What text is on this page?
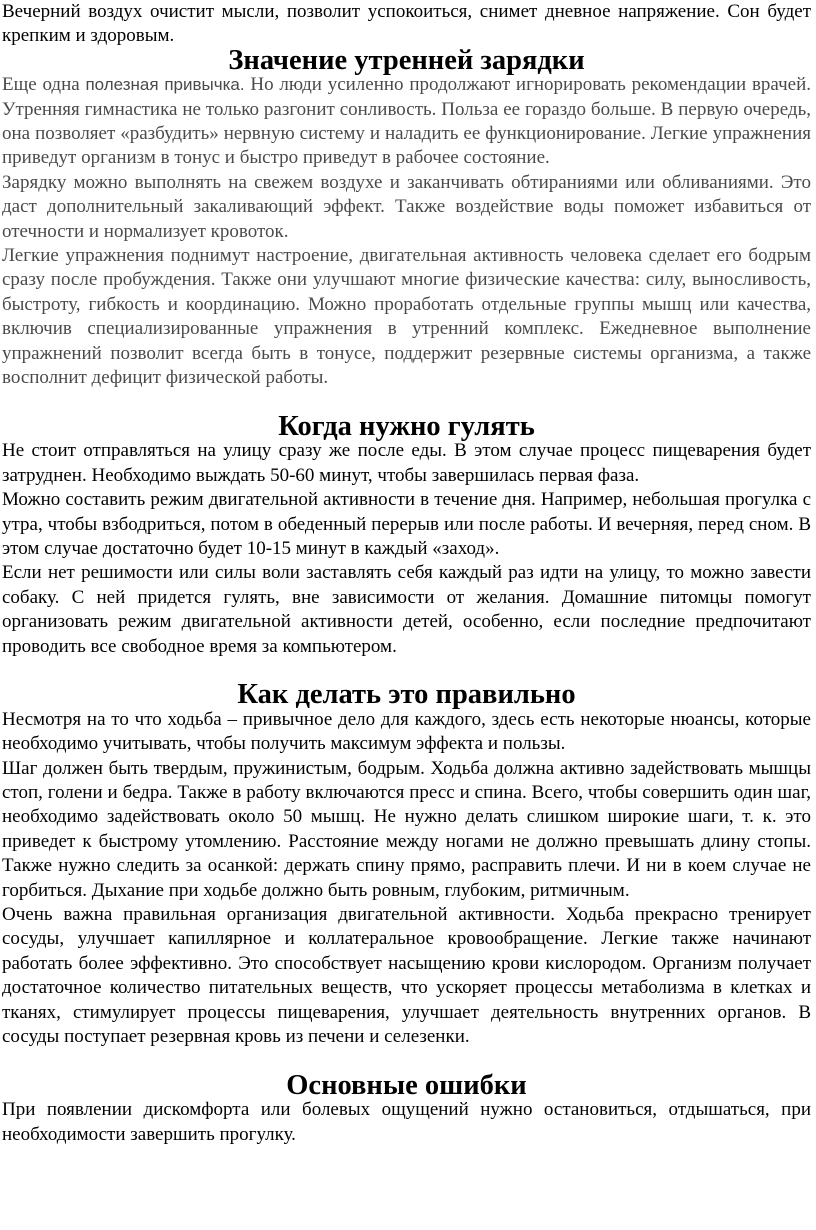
Вечерний воздух очистит мысли, позволит успокоиться, снимет дневное напряжение. Сон будет крепким и здоровым.

Значение утренней зарядки

Еще одна полезная привычка. Но люди усиленно продолжают игнорировать рекомендации врачей. Утренняя гимнастика не только разгонит сонливость. Польза ее гораздо больше. В первую очередь, она позволяет «разбудить» нервную систему и наладить ее функционирование. Легкие упражнения приведут организм в тонус и быстро приведут в рабочее состояние.

Зарядку можно выполнять на свежем воздухе и заканчивать обтираниями или обливаниями. Это даст дополнительный закаливающий эффект. Также воздействие воды поможет избавиться от отечности и нормализует кровоток.

Легкие упражнения поднимут настроение, двигательная активность человека сделает его бодрым сразу после пробуждения. Также они улучшают многие физические качества: силу, выносливость, быстроту, гибкость и координацию. Можно проработать отдельные группы мышц или качества, включив специализированные упражнения в утренний комплекс. Ежедневное выполнение упражнений позволит всегда быть в тонусе, поддержит резервные системы организма, а также восполнит дефицит физической работы.

Когда нужно гулять

Не стоит отправляться на улицу сразу же после еды. В этом случае процесс пищеварения будет затруднен. Необходимо выждать 50-60 минут, чтобы завершилась первая фаза.

Можно составить режим двигательной активности в течение дня. Например, небольшая прогулка с утра, чтобы взбодриться, потом в обеденный перерыв или после работы. И вечерняя, перед сном. В этом случае достаточно будет 10-15 минут в каждый «заход».

Если нет решимости или силы воли заставлять себя каждый раз идти на улицу, то можно завести собаку. С ней придется гулять, вне зависимости от желания. Домашние питомцы помогут организовать режим двигательной активности детей, особенно, если последние предпочитают проводить все свободное время за компьютером.

Как делать это правильно

Несмотря на то что ходьба – привычное дело для каждого, здесь есть некоторые нюансы, которые необходимо учитывать, чтобы получить максимум эффекта и пользы.

Шаг должен быть твердым, пружинистым, бодрым. Ходьба должна активно задействовать мышцы стоп, голени и бедра. Также в работу включаются пресс и спина. Всего, чтобы совершить один шаг, необходимо задействовать около 50 мышц. Не нужно делать слишком широкие шаги, т. к. это приведет к быстрому утомлению. Расстояние между ногами не должно превышать длину стопы. Также нужно следить за осанкой: держать спину прямо, расправить плечи. И ни в коем случае не горбиться. Дыхание при ходьбе должно быть ровным, глубоким, ритмичным.

Очень важна правильная организация двигательной активности. Ходьба прекрасно тренирует сосуды, улучшает капиллярное и коллатеральное кровообращение. Легкие также начинают работать более эффективно. Это способствует насыщению крови кислородом. Организм получает достаточное количество питательных веществ, что ускоряет процессы метаболизма в клетках и тканях, стимулирует процессы пищеварения, улучшает деятельность внутренних органов. В сосуды поступает резервная кровь из печени и селезенки.

Основные ошибки

При появлении дискомфорта или болевых ощущений нужно остановиться, отдышаться, при необходимости завершить прогулку.
